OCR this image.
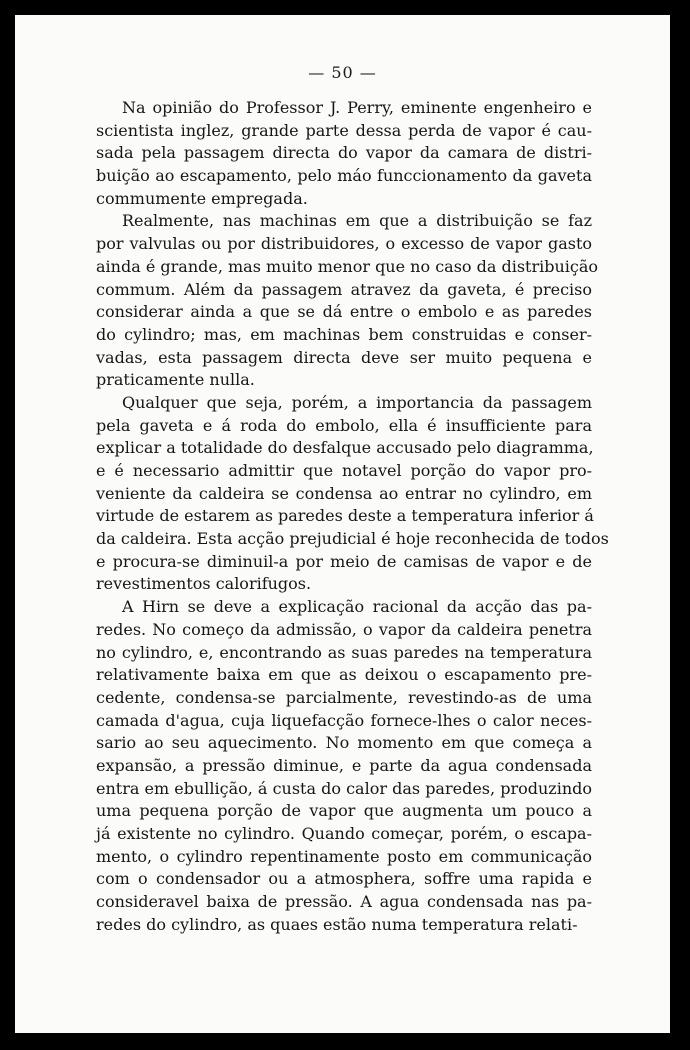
— 50 —

Na opinião do Professor J. Perry, eminente engenheiro e
scientista inglez, grande parte dessa perda de vapor é cau-
sada pela passagem directa do vapor da camara de distri-
buição ao escapamento, pelo máo funccionamento da gaveta
commumente empregada.

Realmente, nas machinas em que a distribuição se faz
por valvulas ou por distribuidores, o excesso de vapor gasto
ainda é grande, mas muito menor que no caso da distribuição
commum. Além da passagem atravez da gaveta, é preciso
considerar ainda a que se dá entre o embolo e as paredes
do cylindro; mas, em machinas bem construidas e conser-
vadas, esta passagem directa deve ser muito pequena e
praticamente nulla.

Qualquer que seja, porém, a importancia da passagem
pela gaveta e á roda do embolo, ella é insufficiente para
explicar a totalidade do desfalque accusado pelo diagramma,
e é necessario admittir que notavel porção do vapor pro-
veniente da caldeira se condensa ao entrar no cylindro, em
virtude de estarem as paredes deste a temperatura inferior á
da caldeira. Esta acção prejudicial é hoje reconhecida de todos
e procura-se diminuil-a por meio de camisas de vapor e de
revestimentos calorifugos.

A Hirn se deve a explicação racional da acção das pa-
redes. No começo da admissão, o vapor da caldeira penetra
no cylindro, e, encontrando as suas paredes na temperatura
relativamente baixa em que as deixou o escapamento pre-
cedente, condensa-se parcialmente, revestindo-as de uma
camada d'agua, cuja liquefacção fornece-lhes o calor neces-
sario ao seu aquecimento. No momento em que começa a
expansão, a pressão diminue, e parte da agua condensada
entra em ebullição, á custa do calor das paredes, produzindo
uma pequena porção de vapor que augmenta um pouco a
já existente no cylindro. Quando começar, porém, o escapa-
mento, o cylindro repentinamente posto em communicação
com o condensador ou a atmosphera, soffre uma rapida e
consideravel baixa de pressão. A agua condensada nas pa-
redes do cylindro, as quaes estão numa temperatura relati-
